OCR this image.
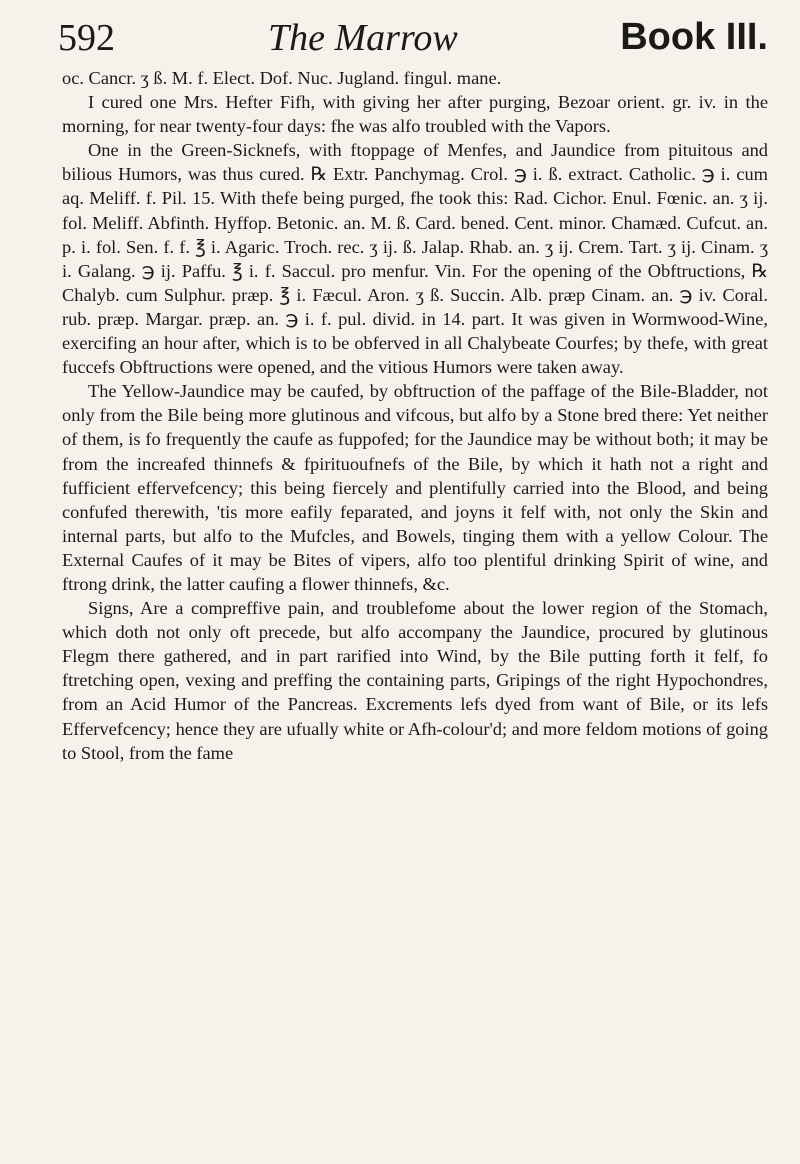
592	The Marrow	Book III.

oc. Cancr. ʒ ß. M. f. Elect. Dof. Nuc. Jugland. fingul. mane.

I cured one Mrs. Hefter Fifh, with giving her after purging, Bezoar orient. gr. iv. in the morning, for near twenty-four days: fhe was alfo troubled with the Vapors.

One in the Green-Sicknefs, with ftoppage of Menfes, and Jaundice from pituitous and bilious Humors, was thus cured. ℞ Extr. Panchymag. Crol. ℈ i. ß. extract. Catholic. ℈ i. cum aq. Meliff. f. Pil. 15. With thefe being purged, fhe took this: Rad. Cichor. Enul. Fœnic. an. ʒ ij. fol. Meliff. Abfinth. Hyffop. Betonic. an. M. ß. Card. bened. Cent. minor. Chamæd. Cufcut. an. p. i. fol. Sen. f. f. ℥ i. Agaric. Troch. rec. ʒ ij. ß. Jalap. Rhab. an. ʒ ij. Crem. Tart. ʒ ij. Cinam. ʒ i. Galang. ℈ ij. Paffu. ℥ i. f. Saccul. pro menfur. Vin. For the opening of the Obftructions, ℞ Chalyb. cum Sulphur. præp. ℥ i. Fæcul. Aron. ʒ ß. Succin. Alb. præp Cinam. an. ℈ iv. Coral. rub. præp. Margar. præp. an. ℈ i. f. pul. divid. in 14. part. It was given in Wormwood-Wine, exercifing an hour after, which is to be obferved in all Chalybeate Courfes; by thefe, with great fuccefs Obftructions were opened, and the vitious Humors were taken away.

The Yellow-Jaundice may be caufed, by obftruction of the paffage of the Bile-Bladder, not only from the Bile being more glutinous and vifcous, but alfo by a Stone bred there: Yet neither of them, is fo frequently the caufe as fuppofed; for the Jaundice may be without both; it may be from the increafed thinnefs & fpirituoufnefs of the Bile, by which it hath not a right and fufficient effervefcency; this being fiercely and plentifully carried into the Blood, and being confufed therewith, 'tis more eafily feparated, and joyns it felf with, not only the Skin and internal parts, but alfo to the Mufcles, and Bowels, tinging them with a yellow Colour. The External Caufes of it may be Bites of vipers, alfo too plentiful drinking Spirit of wine, and ftrong drink, the latter caufing a flower thinnefs, &c.

Signs, Are a compreffive pain, and troublefome about the lower region of the Stomach, which doth not only oft precede, but alfo accompany the Jaundice, procured by glutinous Flegm there gathered, and in part rarified into Wind, by the Bile putting forth it felf, fo ftretching open, vexing and preffing the containing parts, Gripings of the right Hypochondres, from an Acid Humor of the Pancreas. Excrements lefs dyed from want of Bile, or its lefs Effervefcency; hence they are ufually white or Afh-colour'd; and more feldom motions of going to Stool, from the fame
